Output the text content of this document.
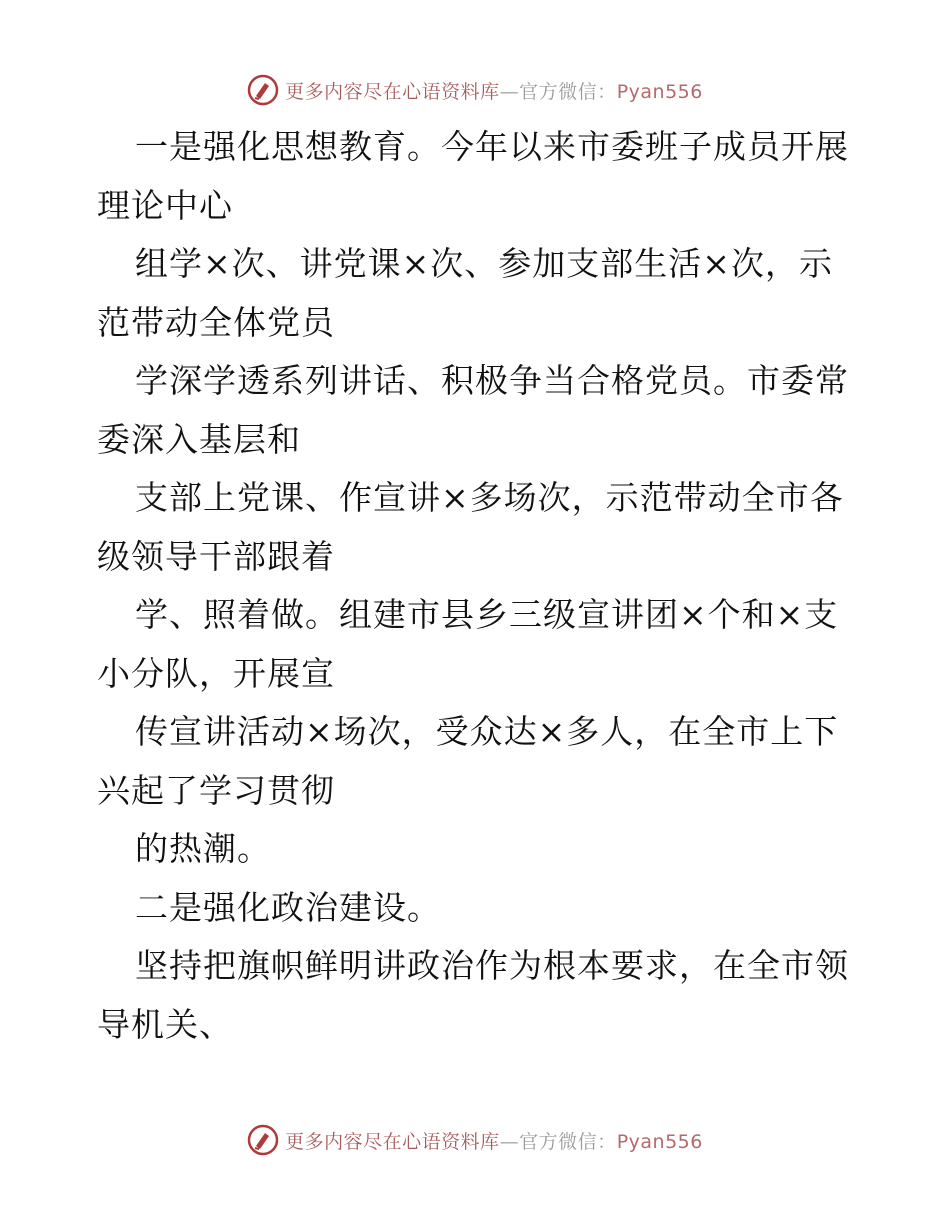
更多内容尽在心语资料库—官方微信：Pyan556

一是强化思想教育。今年以来市委班子成员开展理论中心

组学×次、讲党课×次、参加支部生活×次，示范带动全体党员

学深学透系列讲话、积极争当合格党员。市委常委深入基层和

支部上党课、作宣讲×多场次，示范带动全市各级领导干部跟着

学、照着做。组建市县乡三级宣讲团×个和×支小分队，开展宣

传宣讲活动×场次，受众达×多人，在全市上下兴起了学习贯彻

的热潮。

二是强化政治建设。

坚持把旗帜鲜明讲政治作为根本要求，在全市领导机关、

更多内容尽在心语资料库—官方微信：Pyan556
